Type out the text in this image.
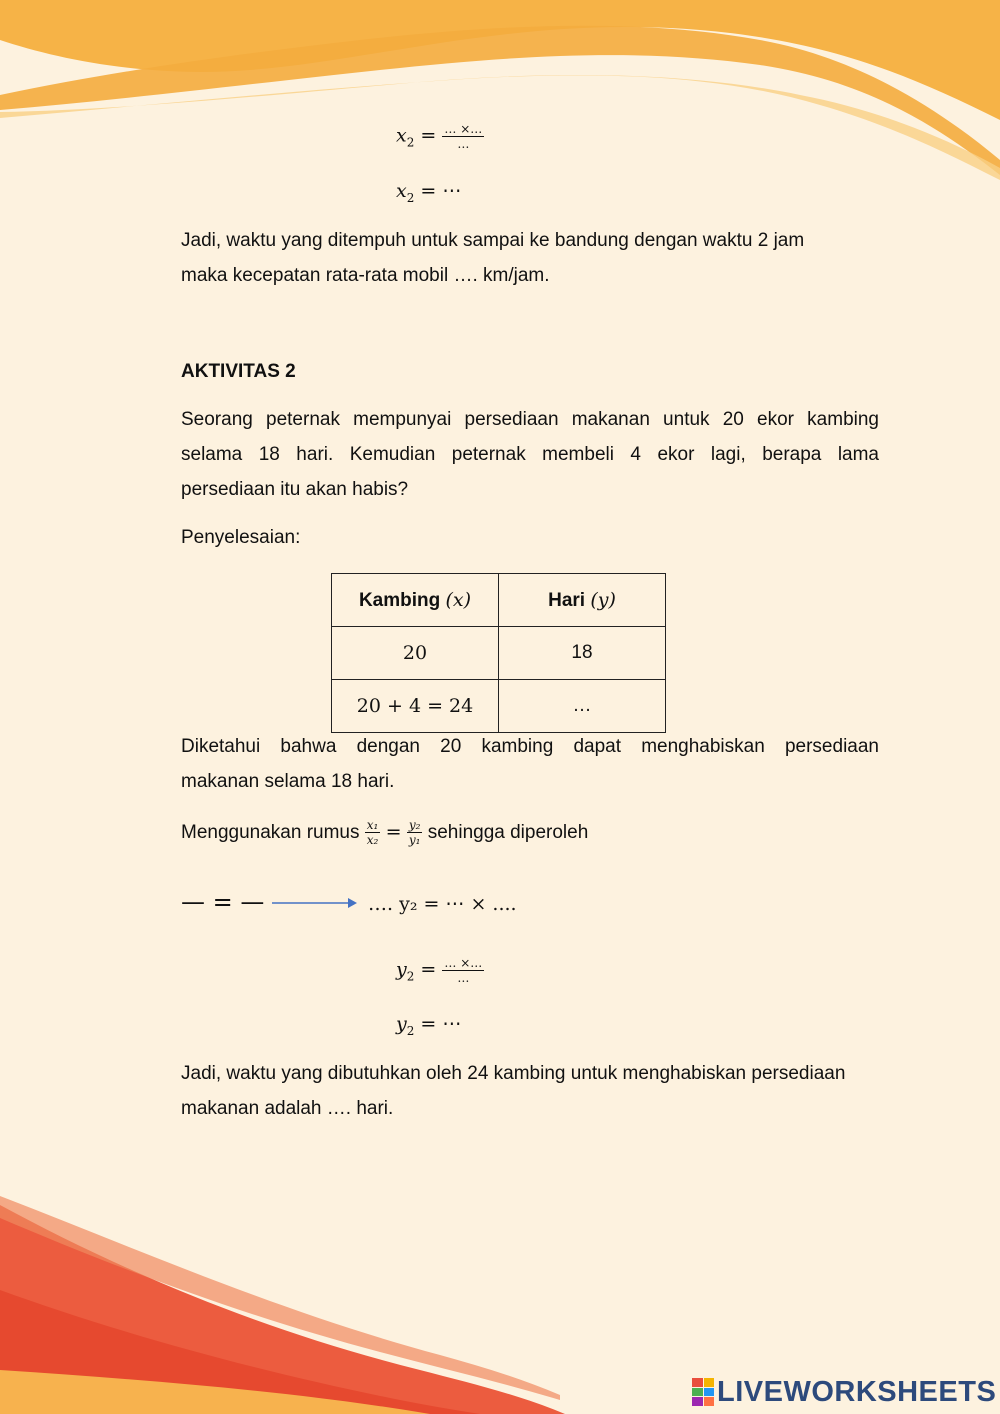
$x_2 = \frac{\dots \times\dots}{\dots}$
$x_2$ = ⋯
Jadi, waktu yang ditempuh untuk sampai ke bandung dengan waktu 2 jam
maka kecepatan rata-rata mobil …. km/jam.
AKTIVITAS 2
Seorang peternak mempunyai persediaan makanan untuk 20 ekor kambing
selama 18 hari. Kemudian peternak membeli 4 ekor lagi, berapa lama
persediaan itu akan habis?
Penyelesaian:
Kambing (x)	Hari (y)
20	18
20 + 4 = 24	…
Diketahui bahwa dengan 20 kambing dapat menghabiskan persediaan
makanan selama 18 hari.
Menggunakan rumus $\frac{\text{x₁}}{\text{x₂}} = \frac{\text{y₂}}{\text{y₁}}$ sehingga diperoleh
— = —	…. y₂ = ⋯ × ....
$y_2 = \frac{\dots \times\dots}{\dots}$
$y_2$ = ⋯
Jadi, waktu yang dibutuhkan oleh 24 kambing untuk menghabiskan persediaan
makanan adalah …. hari.
LIVEWORKSHEETS
